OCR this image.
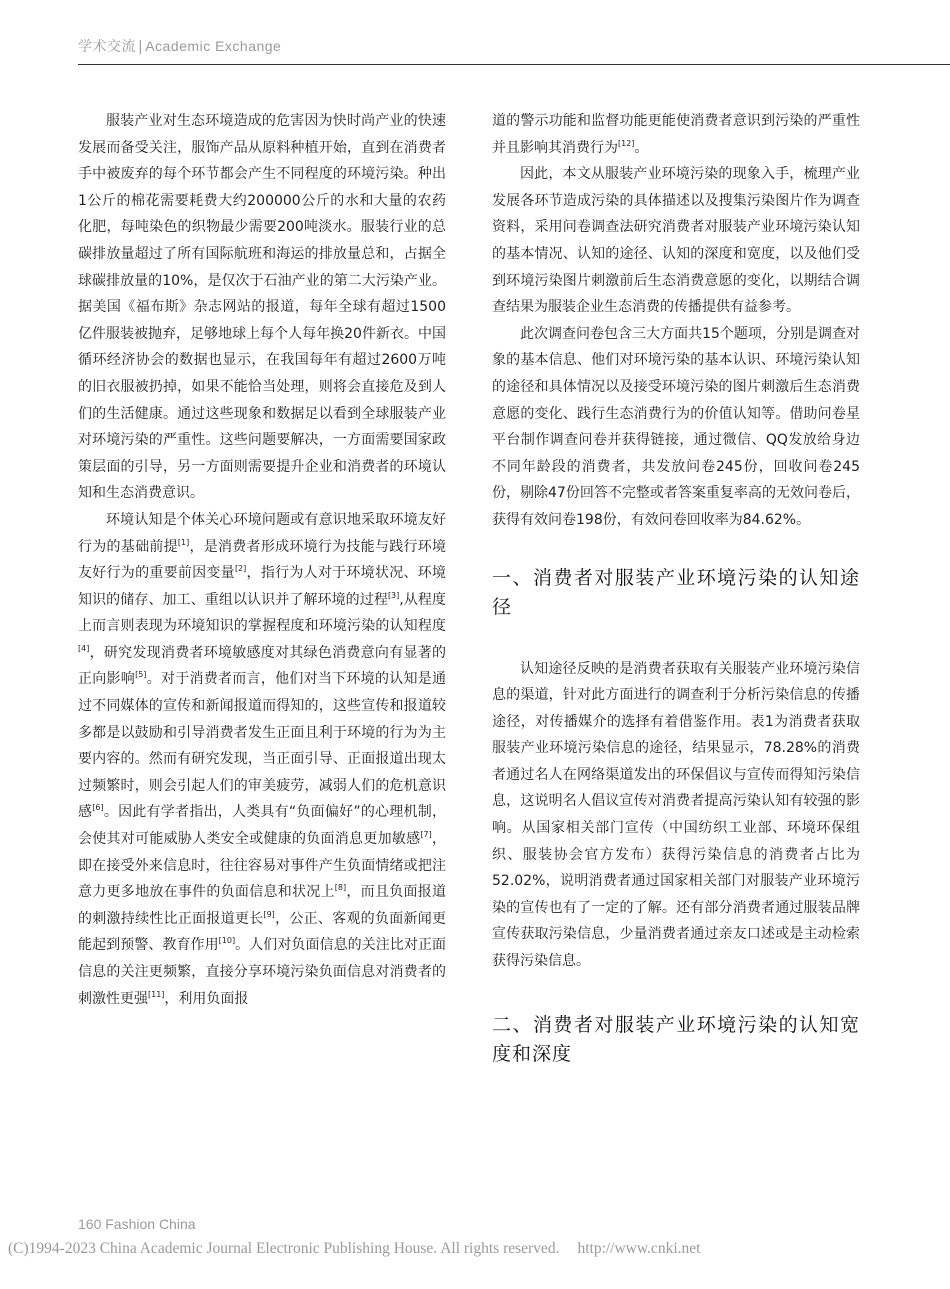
学术交流 | Academic Exchange

服装产业对生态环境造成的危害因为快时尚产业的快速发展而备受关注，服饰产品从原料种植开始，直到在消费者手中被废弃的每个环节都会产生不同程度的环境污染。种出1公斤的棉花需要耗费大约200000公斤的水和大量的农药化肥，每吨染色的织物最少需要200吨淡水。服装行业的总碳排放量超过了所有国际航班和海运的排放量总和，占据全球碳排放量的10%，是仅次于石油产业的第二大污染产业。据美国《福布斯》杂志网站的报道，每年全球有超过1500亿件服装被抛弃，足够地球上每个人每年换20件新衣。中国循环经济协会的数据也显示，在我国每年有超过2600万吨的旧衣服被扔掉，如果不能恰当处理，则将会直接危及到人们的生活健康。通过这些现象和数据足以看到全球服装产业对环境污染的严重性。这些问题要解决，一方面需要国家政策层面的引导，另一方面则需要提升企业和消费者的环境认知和生态消费意识。

环境认知是个体关心环境问题或有意识地采取环境友好行为的基础前提[1]，是消费者形成环境行为技能与践行环境友好行为的重要前因变量[2]，指行为人对于环境状况、环境知识的储存、加工、重组以认识并了解环境的过程[3],从程度上而言则表现为环境知识的掌握程度和环境污染的认知程度[4]，研究发现消费者环境敏感度对其绿色消费意向有显著的正向影响[5]。对于消费者而言，他们对当下环境的认知是通过不同媒体的宣传和新闻报道而得知的，这些宣传和报道较多都是以鼓励和引导消费者发生正面且利于环境的行为为主要内容的。然而有研究发现，当正面引导、正面报道出现太过频繁时，则会引起人们的审美疲劳，减弱人们的危机意识感[6]。因此有学者指出，人类具有“负面偏好”的心理机制，会使其对可能威胁人类安全或健康的负面消息更加敏感[7]，即在接受外来信息时，往往容易对事件产生负面情绪或把注意力更多地放在事件的负面信息和状况上[8]，而且负面报道的刺激持续性比正面报道更长[9]，公正、客观的负面新闻更能起到预警、教育作用[10]。人们对负面信息的关注比对正面信息的关注更频繁，直接分享环境污染负面信息对消费者的刺激性更强[11]，利用负面报

道的警示功能和监督功能更能使消费者意识到污染的严重性并且影响其消费行为[12]。

因此，本文从服装产业环境污染的现象入手，梳理产业发展各环节造成污染的具体描述以及搜集污染图片作为调查资料，采用问卷调查法研究消费者对服装产业环境污染认知的基本情况、认知的途径、认知的深度和宽度，以及他们受到环境污染图片刺激前后生态消费意愿的变化，以期结合调查结果为服装企业生态消费的传播提供有益参考。

此次调查问卷包含三大方面共15个题项，分别是调查对象的基本信息、他们对环境污染的基本认识、环境污染认知的途径和具体情况以及接受环境污染的图片刺激后生态消费意愿的变化、践行生态消费行为的价值认知等。借助问卷星平台制作调查问卷并获得链接，通过微信、QQ发放给身边不同年龄段的消费者，共发放问卷245份，回收问卷245份，剔除47份回答不完整或者答案重复率高的无效问卷后，获得有效问卷198份，有效问卷回收率为84.62%。

一、消费者对服装产业环境污染的认知途径

认知途径反映的是消费者获取有关服装产业环境污染信息的渠道，针对此方面进行的调查利于分析污染信息的传播途径，对传播媒介的选择有着借鉴作用。表1为消费者获取服装产业环境污染信息的途径，结果显示，78.28%的消费者通过名人在网络渠道发出的环保倡议与宣传而得知污染信息，这说明名人倡议宣传对消费者提高污染认知有较强的影响。从国家相关部门宣传（中国纺织工业部、环境环保组织、服装协会官方发布）获得污染信息的消费者占比为52.02%，说明消费者通过国家相关部门对服装产业环境污染的宣传也有了一定的了解。还有部分消费者通过服装品牌宣传获取污染信息，少量消费者通过亲友口述或是主动检索获得污染信息。

二、消费者对服装产业环境污染的认知宽度和深度
160 Fashion China
(C)1994-2023 China Academic Journal Electronic Publishing House. All rights reserved. http://www.cnki.net
